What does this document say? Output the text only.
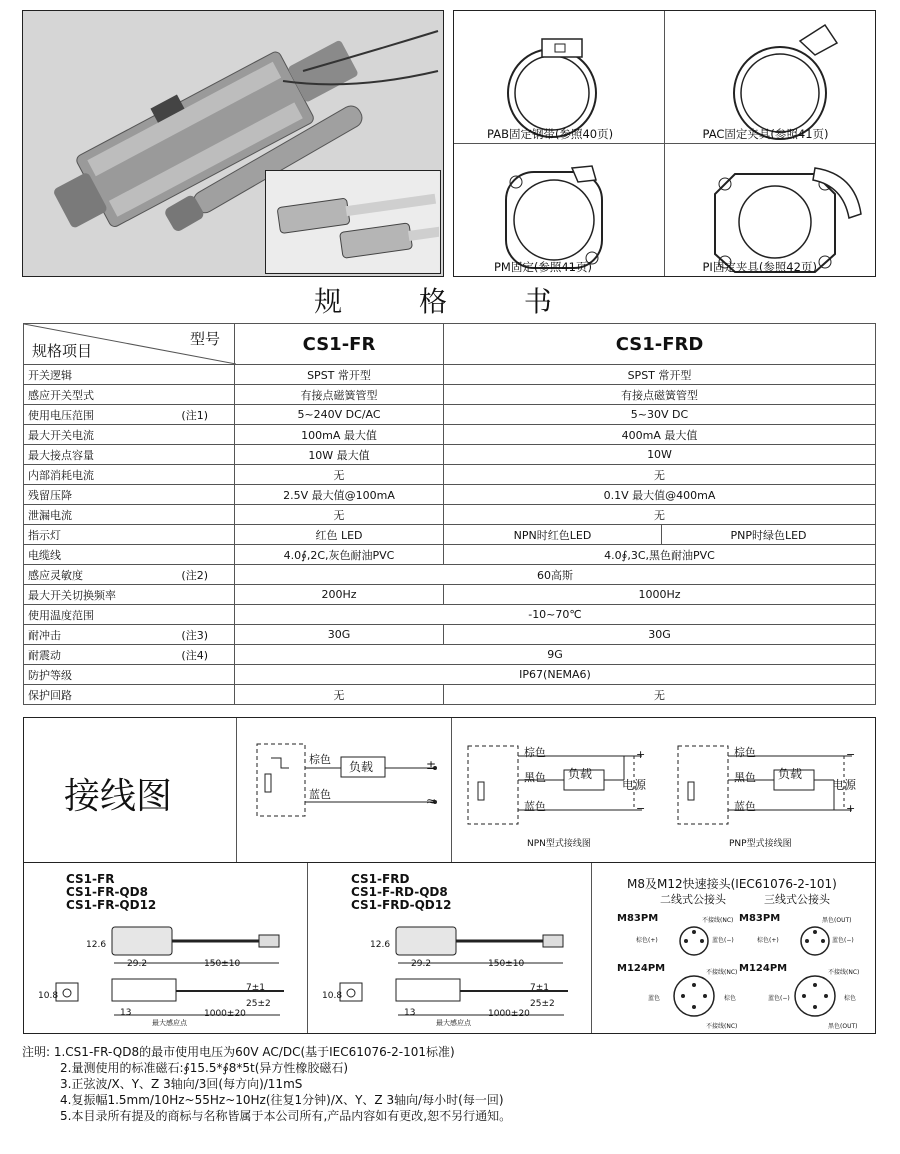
PAB固定钢带(参照40页)	PAC固定夹具(参照41页)
PM固定(参照41页)	PI固定夹具(参照42页)
规 格 书
型号
规格项目	CS1-FR	CS1-FRD	
开关逻辑	SPST 常开型	SPST 常开型	
感应开关型式	有接点磁簧管型	有接点磁簧管型	
使用电压范围 (注1)	5~240V DC/AC	5~30V DC	
最大开关电流	100mA 最大值	400mA 最大值	
最大接点容量	10W 最大值	10W	
内部消耗电流	无	无	
残留压降	2.5V 最大值@100mA	0.1V 最大值@400mA	
泄漏电流	无	无	
指示灯	红色 LED	NPN时红色LED	PNP时绿色LED
电缆线	4.0∮,2C,灰色耐油PVC	4.0∮,3C,黑色耐油PVC	
感应灵敏度 (注2)	60高斯		
最大开关切换频率	200Hz	1000Hz	
使用温度范围	-10~70℃		
耐冲击 (注3)	30G	30G	
耐震动 (注4)	9G		
防护等级	IP67(NEMA6)		
保护回路	无	无	
接线图
棕色
蓝色
负载	±
≈
棕色
黑色
蓝色
负载
电源
+
−
NPN型式接线图
棕色
黑色
蓝色
负载
电源
−
+
PNP型式接线图
CS1-FR
CS1-FR-QD8
CS1-FR-QD12
12.6
29.2	150±10
10.8
13
7±1
25±2
1000±20
最大感应点
CS1-FRD
CS1-F-RD-QD8
CS1-FRD-QD12
12.6
29.2	150±10
10.8
13
7±1
25±2
1000±20
最大感应点
M8及M12快速接头(IEC61076-2-101)
二线式公接头	三线式公接头
M83PM	M83PM
棕色(+)	蓝色(−)
不接线(NC)
棕色(+)	蓝色(−)
黑色(OUT)
M124PM	M124PM
蓝色	棕色
不接线(NC)
不接线(NC)
蓝色(−)	棕色
不接线(NC)
黑色(OUT)
注明: 1.CS1-FR-QD8的最市使用电压为60V AC/DC(基于IEC61076-2-101标准)
2.量测使用的标准磁石:∮15.5*∮8*5t(异方性橡胶磁石)
3.正弦波/X、Y、Z 3轴向/3回(每方向)/11mS
4.复振幅1.5mm/10Hz~55Hz~10Hz(往复1分钟)/X、Y、Z 3轴向/每小时(每一回)
5.本目录所有提及的商标与名称皆属于本公司所有,产品内容如有更改,恕不另行通知。
